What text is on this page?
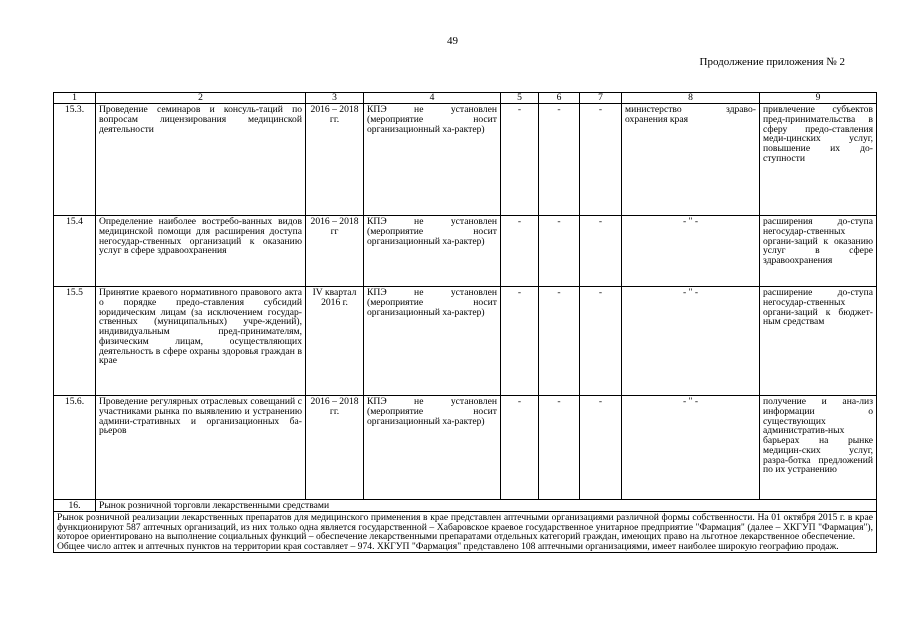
49
Продолжение приложения № 2
1	2	3	4	5	6	7	8	9
15.3.	Проведение семинаров и консуль-таций по вопросам лицензирования медицинской деятельности	2016 – 2018 гг.	КПЭ не установлен (мероприятие носит организационный ха-рактер)	-	-	-	министерство здраво-охранения края	привлечение субъектов пред-принимательства в сферу предо-ставления меди-цинских услуг, повышение их до-ступности
15.4	Определение наиболее востребо-ванных видов медицинской помощи для расширения доступа негосудар-ственных организаций к оказанию услуг в сфере здравоохранения	2016 – 2018 гг	КПЭ не установлен (мероприятие носит организационный ха-рактер)	-	-	-	- " -	расширения до-ступа негосудар-ственных органи-заций к оказанию услуг в сфере здравоохранения
15.5	Принятие краевого нормативного правового акта о порядке предо-ставления субсидий юридическим лицам (за исключением государ-ственных (муниципальных) учре-ждений), индивидуальным пред-принимателям, физическим лицам, осуществляющих деятельность в сфере охраны здоровья граждан в крае	IV квартал 2016 г.	КПЭ не установлен (мероприятие носит организационный ха-рактер)	-	-	-	- " -	расширение до-ступа негосудар-ственных органи-заций к бюджет-ным средствам
15.6.	Проведение регулярных отраслевых совещаний с участниками рынка по выявлению и устранению админи-стративных и организационных ба-рьеров	2016 – 2018 гг.	КПЭ не установлен (мероприятие носит организационный ха-рактер)	-	-	-	- " -	получение и ана-лиз информации о существующих административ-ных барьерах на рынке медицин-ских услуг, разра-ботка предложений по их устранению
16.	Рынок розничной торговли лекарственными средствами							

Рынок розничной реализации лекарственных препаратов для медицинского применения в крае представлен аптечными организациями различной формы собственности. На 01 октября 2015 г. в крае функционируют 587 аптечных организаций, из них только одна является государственной – Хабаровское краевое государственное унитарное предприятие "Фармация" (далее – ХКГУП "Фармация"), которое ориентировано на выполнение социальных функций – обеспечение лекарственными препаратами отдельных категорий граждан, имеющих право на льготное лекарственное обеспечение.

Общее число аптек и аптечных пунктов на территории края составляет – 974. ХКГУП "Фармация" представлено 108 аптечными организациями, имеет наиболее широкую географию продаж.								
